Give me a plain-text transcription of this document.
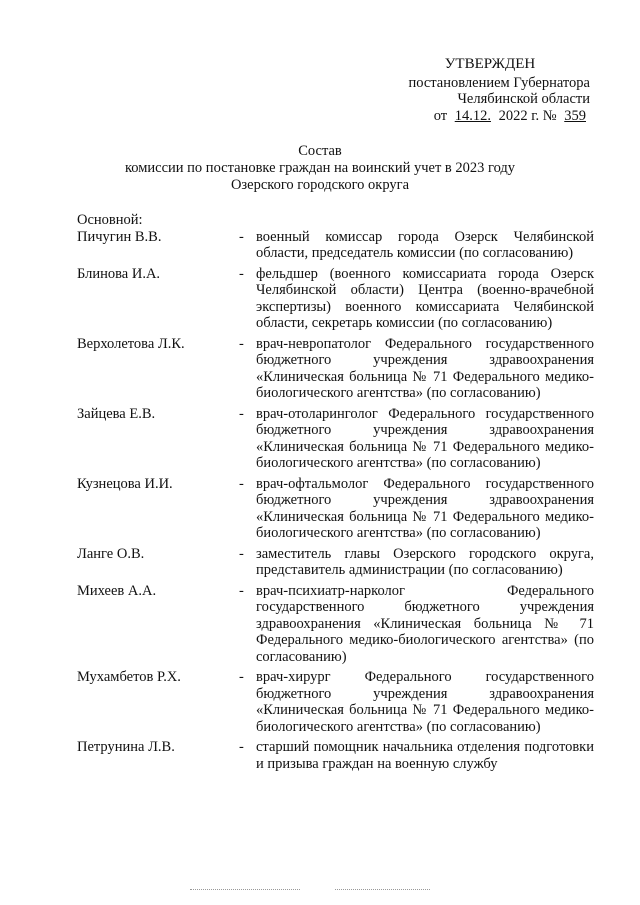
УТВЕРЖДЕН
постановлением Губернатора
Челябинской области
от 14.12. 2022 г. № 359
Состав
комиссии по постановке граждан на воинский учет в 2023 году
Озерского городского округа
Основной:
Пичугин В.В.	- военный комиссар города Озерск Челябинской области, председатель комиссии (по согласованию)
Блинова И.А.	- фельдшер (военного комиссариата города Озерск Челябинской области) Центра (военно-врачебной экспертизы) военного комиссариата Челябинской области, секретарь комиссии (по согласованию)
Верхолетова Л.К.	- врач-невропатолог Федерального государственного бюджетного учреждения здравоохранения «Клиническая больница № 71 Федерального медико-биологического агентства» (по согласованию)
Зайцева Е.В.	- врач-отоларинголог Федерального государственного бюджетного учреждения здравоохранения «Клиническая больница № 71 Федерального медико-биологического агентства» (по согласованию)
Кузнецова И.И.	- врач-офтальмолог Федерального государственного бюджетного учреждения здравоохранения «Клиническая больница № 71 Федерального медико-биологического агентства» (по согласованию)
Ланге О.В.	- заместитель главы Озерского городского округа, представитель администрации (по согласованию)
Михеев А.А.	- врач-психиатр-нарколог Федерального государственного бюджетного учреждения здравоохранения «Клиническая больница № 71 Федерального медико-биологического агентства» (по согласованию)
Мухамбетов Р.Х.	- врач-хирург Федерального государственного бюджетного учреждения здравоохранения «Клиническая больница № 71 Федерального медико-биологического агентства» (по согласованию)
Петрунина Л.В.	- старший помощник начальника отделения подготовки и призыва граждан на военную службу
